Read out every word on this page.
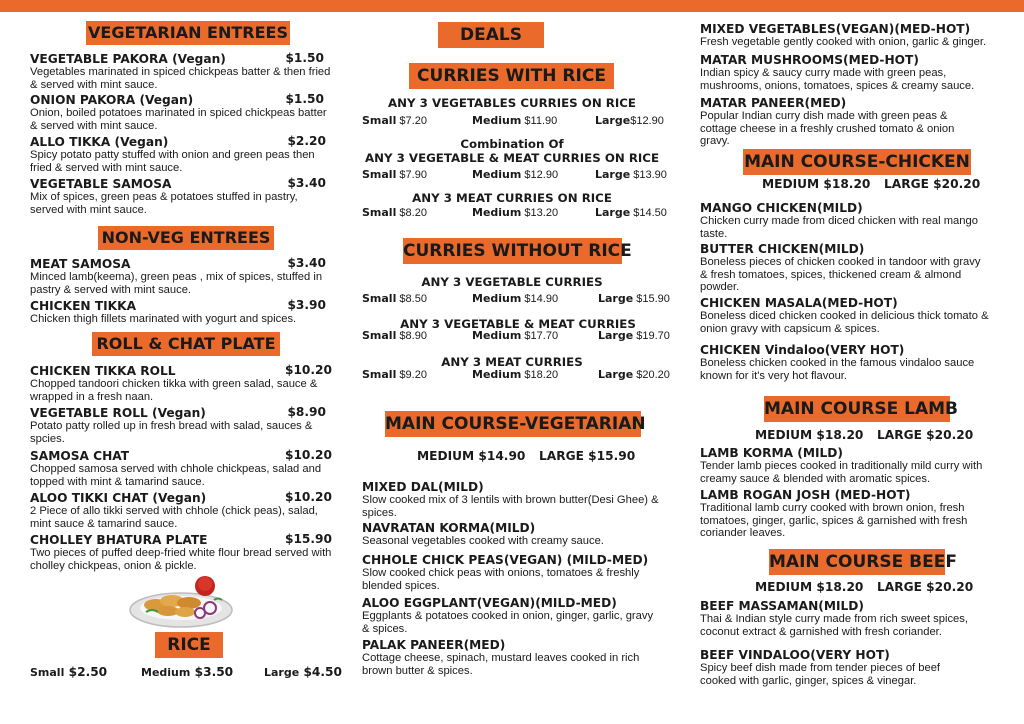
VEGETARIAN ENTREES
VEGETABLE PAKORA (Vegan)	$1.50
Vegetables marinated in spiced chickpeas batter & then fried & served with mint sauce.
ONION PAKORA (Vegan)	$1.50
Onion, boiled potatoes marinated in spiced chickpeas batter & served with mint sauce.
ALLO TIKKA (Vegan)	$2.20
Spicy potato patty stuffed with onion and green peas then fried & served with mint sauce.
VEGETABLE SAMOSA	$3.40
Mix of spices, green peas & potatoes stuffed in pastry, served with mint sauce.
NON-VEG ENTREES
MEAT SAMOSA	$3.40
Minced lamb(keema), green peas , mix of spices, stuffed in pastry & served with mint sauce.
CHICKEN TIKKA	$3.90
Chicken thigh fillets marinated with yogurt and spices.
ROLL & CHAT PLATE
CHICKEN TIKKA ROLL	$10.20
Chopped tandoori chicken tikka with green salad, sauce & wrapped in a fresh naan.
VEGETABLE ROLL (Vegan)	$8.90
Potato patty rolled up in fresh bread with salad, sauces & spcies.
SAMOSA CHAT	$10.20
Chopped samosa served with chhole chickpeas, salad and topped with mint & tamarind sauce.
ALOO TIKKI CHAT (Vegan)	$10.20
2 Piece of allo tikki served with chhole (chick peas), salad, mint sauce & tamarind sauce.
CHOLLEY BHATURA PLATE	$15.90
Two pieces of puffed deep-fried white flour bread served with cholley chickpeas, onion & pickle.
RICE
Small $2.50	Medium $3.50	Large $4.50
DEALS
CURRIES WITH RICE
ANY 3 VEGETABLES CURRIES ON RICE
Small $7.20	Medium $11.90	Large$12.90
Combination Of
ANY 3 VEGETABLE & MEAT CURRIES ON RICE
Small $7.90	Medium $12.90	Large $13.90
ANY 3 MEAT CURRIES ON RICE
Small $8.20	Medium $13.20	Large $14.50
CURRIES WITHOUT RICE
ANY 3 VEGETABLE CURRIES
Small $8.50	Medium $14.90	Large $15.90
ANY 3 VEGETABLE & MEAT CURRIES
Small $8.90	Medium $17.70	Large $19.70
ANY 3 MEAT CURRIES
Small $9.20	Medium $18.20	Large $20.20
MAIN COURSE-VEGETARIAN
MEDIUM $14.90 LARGE $15.90
MIXED DAL(MILD)
Slow cooked mix of 3 lentils with brown butter(Desi Ghee) & spices.
NAVRATAN KORMA(MILD)
Seasonal vegetables cooked with creamy sauce.
CHHOLE CHICK PEAS(VEGAN) (MILD-MED)
Slow cooked chick peas with onions, tomatoes & freshly blended spices.
ALOO EGGPLANT(VEGAN)(MILD-MED)
Eggplants & potatoes cooked in onion, ginger, garlic, gravy & spices.
PALAK PANEER(MED)
Cottage cheese, spinach, mustard leaves cooked in rich brown butter & spices.
MIXED VEGETABLES(VEGAN)(MED-HOT)
Fresh vegetable gently cooked with onion, garlic & ginger.
MATAR MUSHROOMS(MED-HOT)
Indian spicy & saucy curry made with green peas, mushrooms, onions, tomatoes, spices & creamy sauce.
MATAR PANEER(MED)
Popular Indian curry dish made with green peas & cottage cheese in a freshly crushed tomato & onion gravy.
MAIN COURSE-CHICKEN
MEDIUM $18.20 LARGE $20.20
MANGO CHICKEN(MILD)
Chicken curry made from diced chicken with real mango taste.
BUTTER CHICKEN(MILD)
Boneless pieces of chicken cooked in tandoor with gravy & fresh tomatoes, spices, thickened cream & almond powder.
CHICKEN MASALA(MED-HOT)
Boneless diced chicken cooked in delicious thick tomato & onion gravy with capsicum & spices.
CHICKEN Vindaloo(VERY HOT)
Boneless chicken cooked in the famous vindaloo sauce known for it's very hot flavour.
MAIN COURSE LAMB
MEDIUM $18.20 LARGE $20.20
LAMB KORMA (MILD)
Tender lamb pieces cooked in traditionally mild curry with creamy sauce & blended with aromatic spices.
LAMB ROGAN JOSH (MED-HOT)
Traditional lamb curry cooked with brown onion, fresh tomatoes, ginger, garlic, spices & garnished with fresh coriander leaves.
MAIN COURSE BEEF
MEDIUM $18.20 LARGE $20.20
BEEF MASSAMAN(MILD)
Thai & Indian style curry made from rich sweet spices, coconut extract & garnished with fresh coriander.
BEEF VINDALOO(VERY HOT)
Spicy beef dish made from tender pieces of beef cooked with garlic, ginger, spices & vinegar.
